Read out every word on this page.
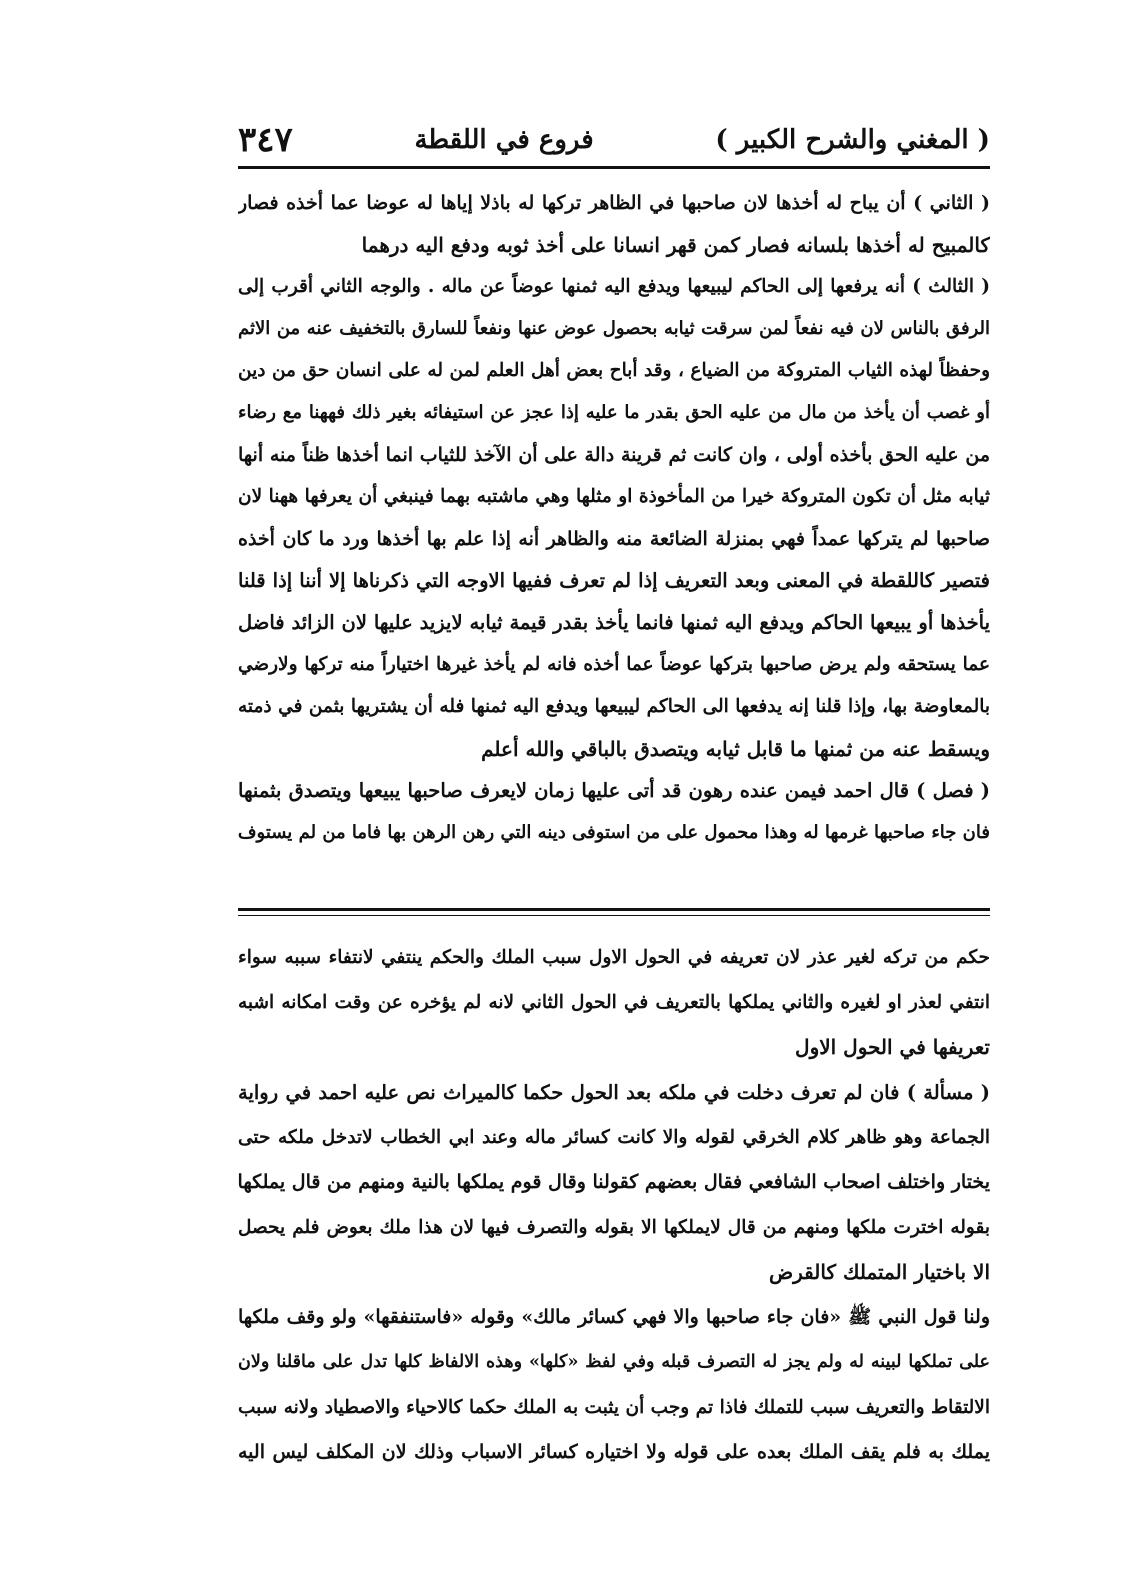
( المغني والشرح الكبير )
فروع في اللقطة
٣٤٧
( الثاني ) أن يباح له أخذها لان صاحبها في الظاهر تركها له باذلا إياها له عوضا عما أخذه فصار
كالمبيح له أخذها بلسانه فصار كمن قهر انسانا على أخذ ثوبه ودفع اليه درهما
( الثالث ) أنه يرفعها إلى الحاكم ليبيعها ويدفع اليه ثمنها عوضاً عن ماله . والوجه الثاني أقرب إلى
الرفق بالناس لان فيه نفعاً لمن سرقت ثيابه بحصول عوض عنها ونفعاً للسارق بالتخفيف عنه من الاثم
وحفظاً لهذه الثياب المتروكة من الضياع ، وقد أباح بعض أهل العلم لمن له على انسان حق من دين
أو غصب أن يأخذ من مال من عليه الحق بقدر ما عليه إذا عجز عن استيفائه بغير ذلك فههنا مع رضاء
من عليه الحق بأخذه أولى ، وان كانت ثم قرينة دالة على أن الآخذ للثياب انما أخذها ظناً منه أنها
ثيابه مثل أن تكون المتروكة خيرا من المأخوذة او مثلها وهي ماشتبه بهما فينبغي أن يعرفها ههنا لان
صاحبها لم يتركها عمداً فهي بمنزلة الضائعة منه والظاهر أنه إذا علم بها أخذها ورد ما كان أخذه
فتصير كاللقطة في المعنى وبعد التعريف إذا لم تعرف ففيها الاوجه التي ذكرناها إلا أننا إذا قلنا
يأخذها أو يبيعها الحاكم ويدفع اليه ثمنها فانما يأخذ بقدر قيمة ثيابه لايزيد عليها لان الزائد فاضل
عما يستحقه ولم يرض صاحبها بتركها عوضاً عما أخذه فانه لم يأخذ غيرها اختياراً منه تركها ولارضي
بالمعاوضة بها، وإذا قلنا إنه يدفعها الى الحاكم ليبيعها ويدفع اليه ثمنها فله أن يشتريها بثمن في ذمته
ويسقط عنه من ثمنها ما قابل ثيابه ويتصدق بالباقي والله أعلم
( فصل ) قال احمد فيمن عنده رهون قد أتى عليها زمان لايعرف صاحبها يبيعها ويتصدق بثمنها
فان جاء صاحبها غرمها له وهذا محمول على من استوفى دينه التي رهن الرهن بها فاما من لم يستوف
حكم من تركه لغير عذر لان تعريفه في الحول الاول سبب الملك والحكم ينتفي لانتفاء سببه سواء
انتفي لعذر او لغيره والثاني يملكها بالتعريف في الحول الثاني لانه لم يؤخره عن وقت امكانه اشبه
تعريفها في الحول الاول
( مسألة ) فان لم تعرف دخلت في ملكه بعد الحول حكما كالميراث نص عليه احمد في رواية
الجماعة وهو ظاهر كلام الخرقي لقوله والا كانت كسائر ماله وعند ابي الخطاب لاتدخل ملكه حتى
يختار واختلف اصحاب الشافعي فقال بعضهم كقولنا وقال قوم يملكها بالنية ومنهم من قال يملكها
بقوله اخترت ملكها ومنهم من قال لايملكها الا بقوله والتصرف فيها لان هذا ملك بعوض فلم يحصل
الا باختيار المتملك كالقرض
ولنا قول النبي ﷺ «فان جاء صاحبها والا فهي كسائر مالك» وقوله «فاستنفقها» ولو وقف ملكها
على تملكها لبينه له ولم يجز له التصرف قبله وفي لفظ «كلها» وهذه الالفاظ كلها تدل على ماقلنا ولان
الالتقاط والتعريف سبب للتملك فاذا تم وجب أن يثبت به الملك حكما كالاحياء والاصطياد ولانه سبب
يملك به فلم يقف الملك بعده على قوله ولا اختياره كسائر الاسباب وذلك لان المكلف ليس اليه
